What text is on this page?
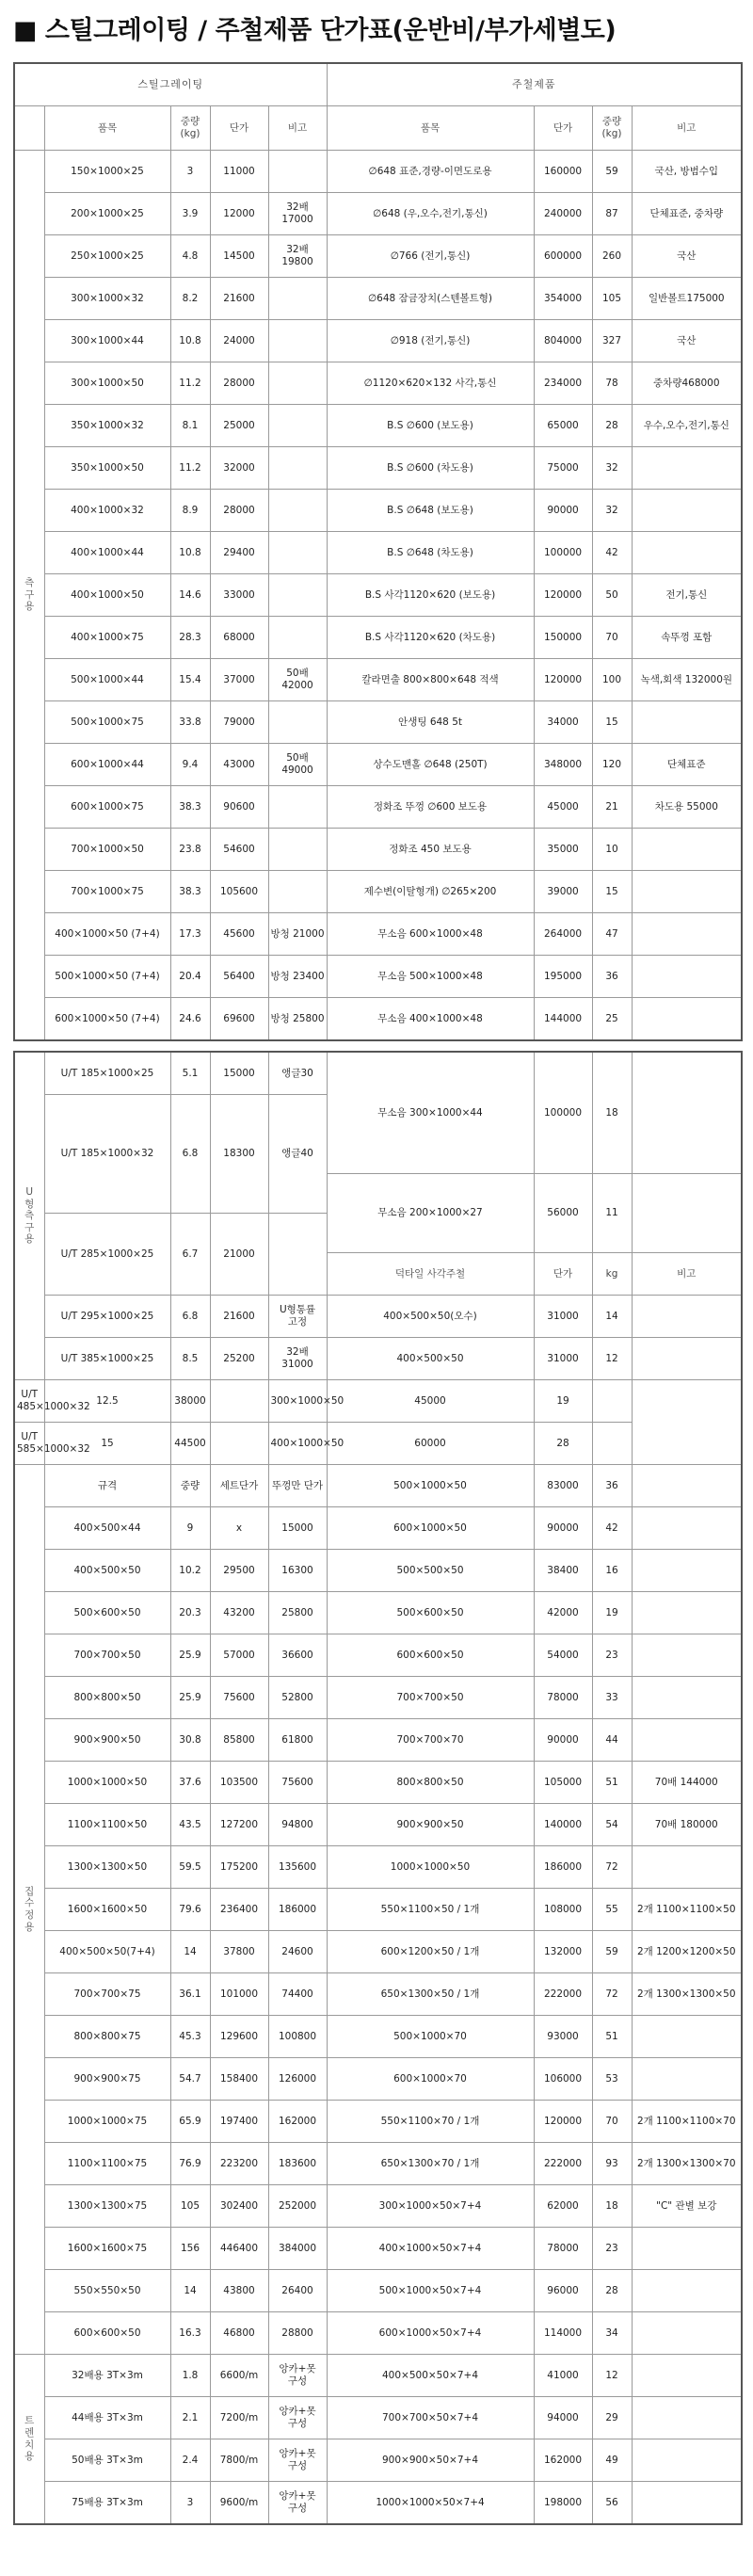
■ 스틸그레이팅 / 주철제품 단가표(운반비/부가세별도)
스틸그레이팅					주철제품			
	품목	중량(kg)	단가	비고	품목	단가	중량(kg)	비고
측구용	150×1000×25	3	11000		∅648 표준,경량-이면도로용	160000	59	국산, 방범수입
	200×1000×25	3.9	12000	32배 17000	∅648 (우,오수,전기,통신)	240000	87	단체표준, 중차량
	250×1000×25	4.8	14500	32배 19800	∅766 (전기,통신)	600000	260	국산
	300×1000×32	8.2	21600		∅648 잠금장치(스텐볼트형)	354000	105	일반볼트175000
	300×1000×44	10.8	24000		∅918 (전기,통신)	804000	327	국산
	300×1000×50	11.2	28000		∅1120×620×132 사각,통신	234000	78	중차량468000
	350×1000×32	8.1	25000		B.S ∅600 (보도용)	65000	28	우수,오수,전기,통신
	350×1000×50	11.2	32000		B.S ∅600 (차도용)	75000	32	
	400×1000×32	8.9	28000		B.S ∅648 (보도용)	90000	32	
	400×1000×44	10.8	29400		B.S ∅648 (차도용)	100000	42	
	400×1000×50	14.6	33000		B.S 사각1120×620 (보도용)	120000	50	전기,통신
	400×1000×75	28.3	68000		B.S 사각1120×620 (차도용)	150000	70	속뚜껑 포함
	500×1000×44	15.4	37000	50배 42000	칼라면출 800×800×648 적색	120000	100	녹색,회색 132000원
	500×1000×75	33.8	79000		안생팅 648 5t	34000	15	
	600×1000×44	9.4	43000	50배 49000	상수도맨홀 ∅648 (250T)	348000	120	단체표준
	600×1000×75	38.3	90600		정화조 뚜껑 ∅600 보도용	45000	21	차도용 55000
	700×1000×50	23.8	54600		정화조 450 보도용	35000	10	
	700×1000×75	38.3	105600		제수변(이탈형개) ∅265×200	39000	15	
	400×1000×50 (7+4)	17.3	45600	방청 21000	무소음 600×1000×48	264000	47	
	500×1000×50 (7+4)	20.4	56400	방청 23400	무소음 500×1000×48	195000	36	
	600×1000×50 (7+4)	24.6	69600	방청 25800	무소음 400×1000×48	144000	25	
U형측구용	U/T 185×1000×25	5.1	15000	앵글30	무소음 300×1000×44	100000	18	
	U/T 185×1000×32	6.8	18300	앵글40				
					무소음 200×1000×27	56000	11	
	U/T 285×1000×25	6.7	21000					
					덕타일 사각주철	단가	kg	비고
	U/T 295×1000×25	6.8	21600	U형통률 고정	400×500×50(오수)	31000	14	
	U/T 385×1000×25	8.5	25200	32배 31000	400×500×50	31000	12	
U/T 485×1000×32	12.5	38000		300×1000×50	45000	19		
U/T 585×1000×32	15	44500		400×1000×50	60000	28		
집수정용	규격	중량	세트단가	뚜껑만 단가	500×1000×50	83000	36	
	400×500×44	9	x	15000	600×1000×50	90000	42	
	400×500×50	10.2	29500	16300	500×500×50	38400	16	
	500×600×50	20.3	43200	25800	500×600×50	42000	19	
	700×700×50	25.9	57000	36600	600×600×50	54000	23	
	800×800×50	25.9	75600	52800	700×700×50	78000	33	
	900×900×50	30.8	85800	61800	700×700×70	90000	44	
	1000×1000×50	37.6	103500	75600	800×800×50	105000	51	70배 144000
	1100×1100×50	43.5	127200	94800	900×900×50	140000	54	70배 180000
	1300×1300×50	59.5	175200	135600	1000×1000×50	186000	72	
	1600×1600×50	79.6	236400	186000	550×1100×50 / 1개	108000	55	2개 1100×1100×50
	400×500×50(7+4)	14	37800	24600	600×1200×50 / 1개	132000	59	2개 1200×1200×50
	700×700×75	36.1	101000	74400	650×1300×50 / 1개	222000	72	2개 1300×1300×50
	800×800×75	45.3	129600	100800	500×1000×70	93000	51	
	900×900×75	54.7	158400	126000	600×1000×70	106000	53	
	1000×1000×75	65.9	197400	162000	550×1100×70 / 1개	120000	70	2개 1100×1100×70
	1100×1100×75	76.9	223200	183600	650×1300×70 / 1개	222000	93	2개 1300×1300×70
	1300×1300×75	105	302400	252000	300×1000×50×7+4	62000	18	"C" 관별 보강
	1600×1600×75	156	446400	384000	400×1000×50×7+4	78000	23	
	550×550×50	14	43800	26400	500×1000×50×7+4	96000	28	
	600×600×50	16.3	46800	28800	600×1000×50×7+4	114000	34	
트렌치용	32배용 3T×3m	1.8	6600/m	앙카+못 구성	400×500×50×7+4	41000	12	
	44배용 3T×3m	2.1	7200/m	앙카+못 구성	700×700×50×7+4	94000	29	
	50배용 3T×3m	2.4	7800/m	앙카+못 구성	900×900×50×7+4	162000	49	
	75배용 3T×3m	3	9600/m	앙카+못 구성	1000×1000×50×7+4	198000	56	
